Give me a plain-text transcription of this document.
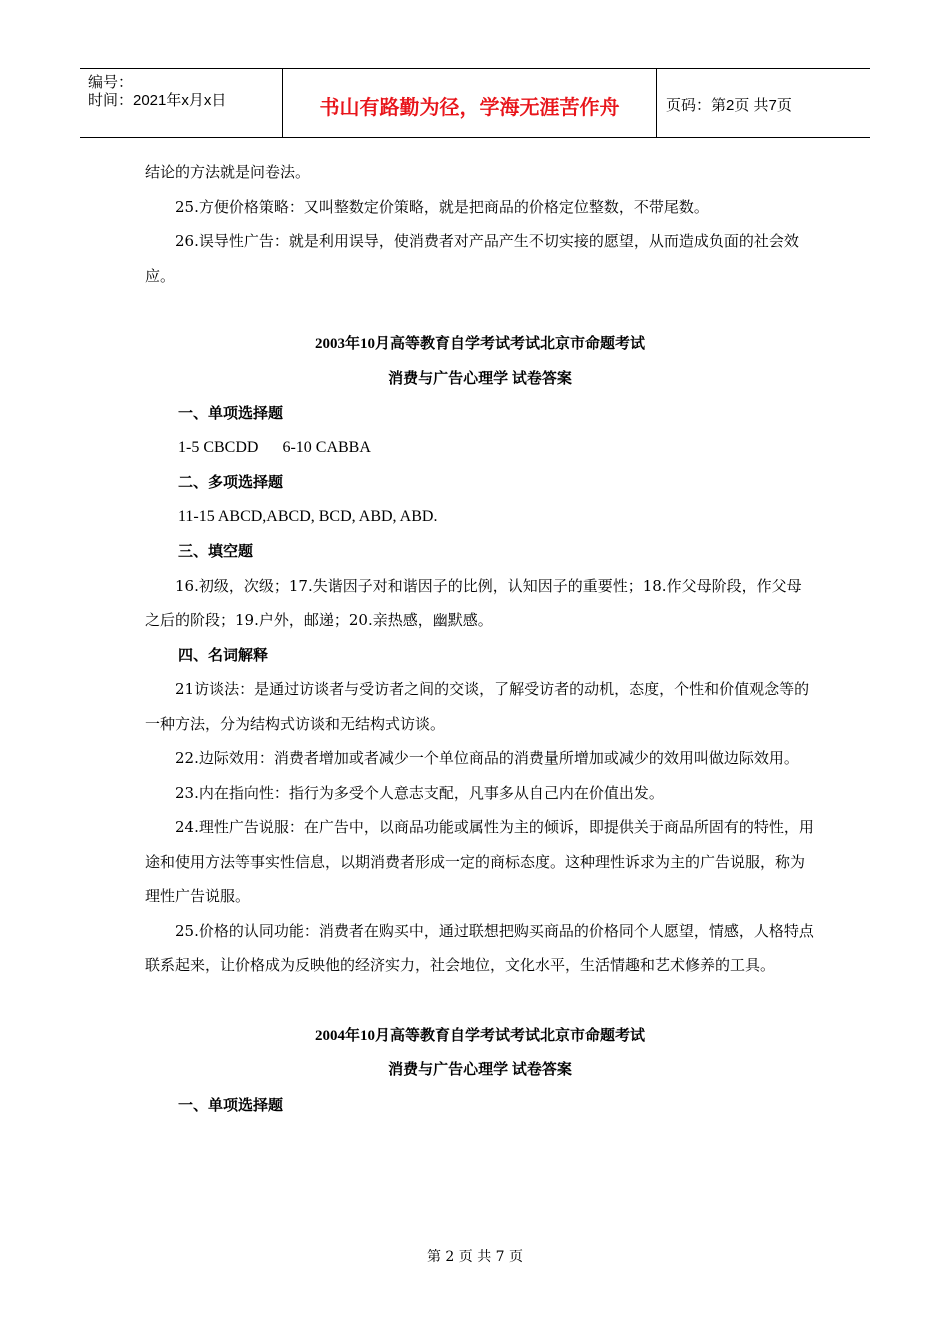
编号：
时间：2021年x月x日	书山有路勤为径，学海无涯苦作舟	页码：第2页 共7页

结论的方法就是问卷法。

25.方便价格策略：又叫整数定价策略，就是把商品的价格定位整数，不带尾数。

26.误导性广告：就是利用误导，使消费者对产品产生不切实接的愿望，从而造成负面的社会效应。

2003年10月高等教育自学考试考试北京市命题考试

消费与广告心理学 试卷答案

一、单项选择题

1-5 CBCDD      6-10 CABBA

二、多项选择题

11-15 ABCD,ABCD, BCD, ABD, ABD.

三、填空题

16.初级，次级；17.失谐因子对和谐因子的比例，认知因子的重要性；18.作父母阶段，作父母之后的阶段；19.户外，邮递；20.亲热感，幽默感。

四、名词解释

21访谈法：是通过访谈者与受访者之间的交谈，了解受访者的动机，态度，个性和价值观念等的一种方法，分为结构式访谈和无结构式访谈。

22.边际效用：消费者增加或者减少一个单位商品的消费量所增加或减少的效用叫做边际效用。

23.内在指向性：指行为多受个人意志支配，凡事多从自己内在价值出发。

24.理性广告说服：在广告中，以商品功能或属性为主的倾诉，即提供关于商品所固有的特性，用途和使用方法等事实性信息，以期消费者形成一定的商标态度。这种理性诉求为主的广告说服，称为理性广告说服。

25.价格的认同功能：消费者在购买中，通过联想把购买商品的价格同个人愿望，情感，人格特点联系起来，让价格成为反映他的经济实力，社会地位，文化水平，生活情趣和艺术修养的工具。

2004年10月高等教育自学考试考试北京市命题考试

消费与广告心理学 试卷答案

一、单项选择题

第 2 页 共 7 页
